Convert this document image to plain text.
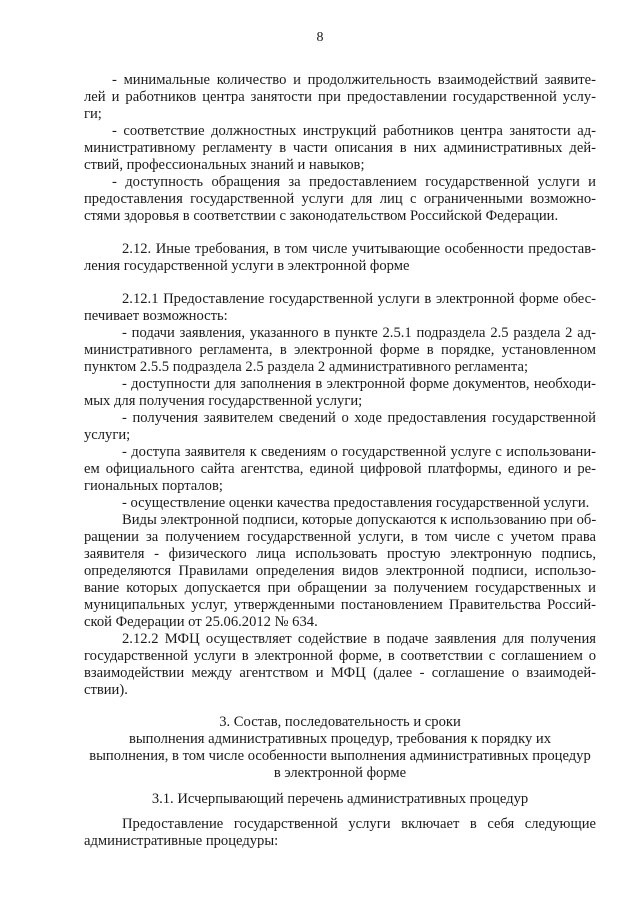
8
- минимальные количество и продолжительность взаимодействий заявите-
лей и работников центра занятости при предоставлении государственной услу-
ги;
- соответствие должностных инструкций работников центра занятости ад-
министративному регламенту в части описания в них административных дей-
ствий, профессиональных знаний и навыков;
- доступность обращения за предоставлением государственной услуги и
предоставления государственной услуги для лиц с ограниченными возможно-
стями здоровья в соответствии с законодательством Российской Федерации.
2.12. Иные требования, в том числе учитывающие особенности предостав-
ления государственной услуги в электронной форме
2.12.1 Предоставление государственной услуги в электронной форме обес-
печивает возможность:
- подачи заявления, указанного в пункте 2.5.1 подраздела 2.5 раздела 2 ад-
министративного регламента, в электронной форме в порядке, установленном
пунктом 2.5.5 подраздела 2.5 раздела 2 административного регламента;
- доступности для заполнения в электронной форме документов, необходи-
мых для получения государственной услуги;
- получения заявителем сведений о ходе предоставления государственной
услуги;
- доступа заявителя к сведениям о государственной услуге с использовани-
ем официального сайта агентства, единой цифровой платформы, единого и ре-
гиональных порталов;
- осуществление оценки качества предоставления государственной услуги.
Виды электронной подписи, которые допускаются к использованию при об-
ращении за получением государственной услуги, в том числе с учетом права
заявителя - физического лица использовать простую электронную подпись,
определяются Правилами определения видов электронной подписи, использо-
вание которых допускается при обращении за получением государственных и
муниципальных услуг, утвержденными постановлением Правительства Россий-
ской Федерации от 25.06.2012 № 634.
2.12.2 МФЦ осуществляет содействие в подаче заявления для получения
государственной услуги в электронной форме, в соответствии с соглашением о
взаимодействии между агентством и МФЦ (далее - соглашение о взаимодей-
ствии).
3. Состав, последовательность и сроки
выполнения административных процедур, требования к порядку их
выполнения, в том числе особенности выполнения административных процедур
в электронной форме
3.1. Исчерпывающий перечень административных процедур
Предоставление государственной услуги включает в себя следующие
административные процедуры:
